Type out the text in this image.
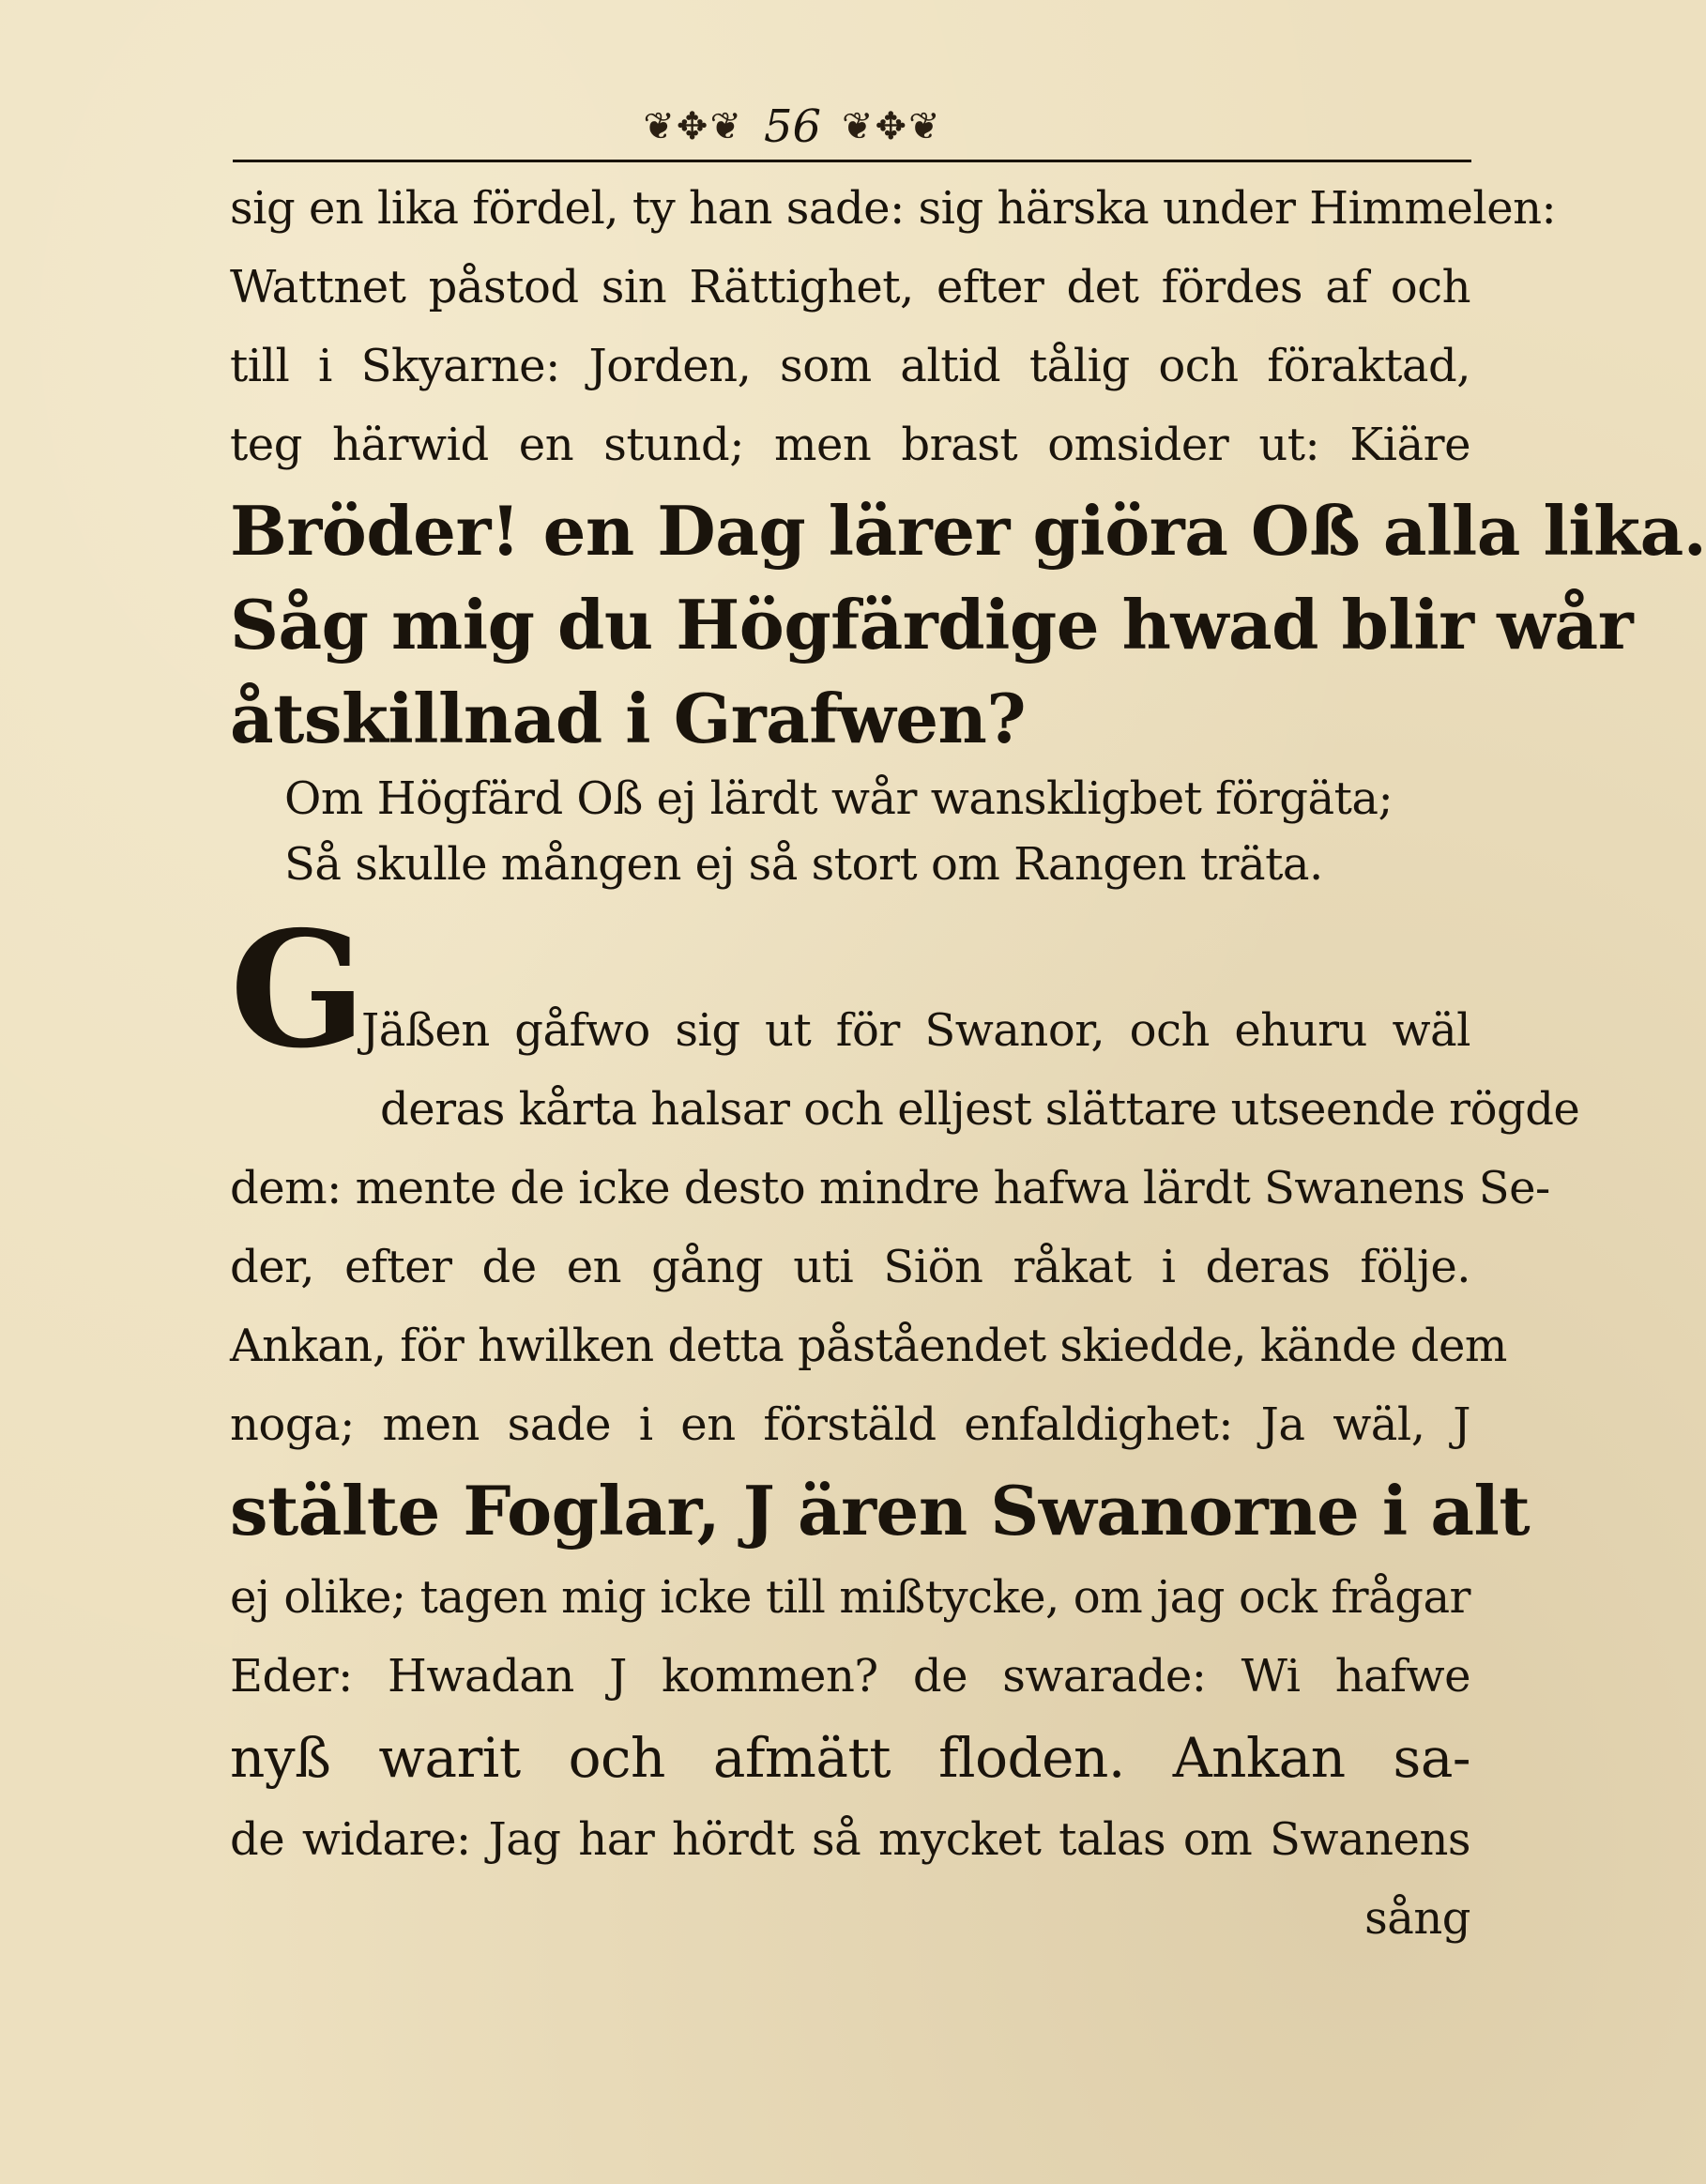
❦✥❦ 56 ❦✥❦
sig en lika fördel, ty han sade: sig härska under Himmelen:
Wattnet påstod sin Rättighet, efter det fördes af och
till i Skyarne: Jorden, som altid tålig och föraktad,
teg härwid en stund; men brast omsider ut: Kiäre
Bröder! en Dag lärer giöra Oß alla lika.
Såg mig du Högfärdige hwad blir wår
åtskillnad i Grafwen?
Om Högfärd Oß ej lärdt wår wanskligbet förgäta;
Så skulle mången ej så stort om Rangen träta.
G
Jäßen gåfwo sig ut för Swanor, och ehuru wäl
deras kårta halsar och elljest slättare utseende rögde
dem: mente de icke desto mindre hafwa lärdt Swanens Se-
der, efter de en gång uti Siön råkat i deras följe.
Ankan, för hwilken detta påståendet skiedde, kände dem
noga; men sade i en förstäld enfaldighet: Ja wäl, J
stälte Foglar, J ären Swanorne i alt
ej olike; tagen mig icke till mißtycke, om jag ock frågar
Eder: Hwadan J kommen? de swarade: Wi hafwe
nyß warit och afmätt floden. Ankan sa-
de widare: Jag har hördt så mycket talas om Swanens
sång
